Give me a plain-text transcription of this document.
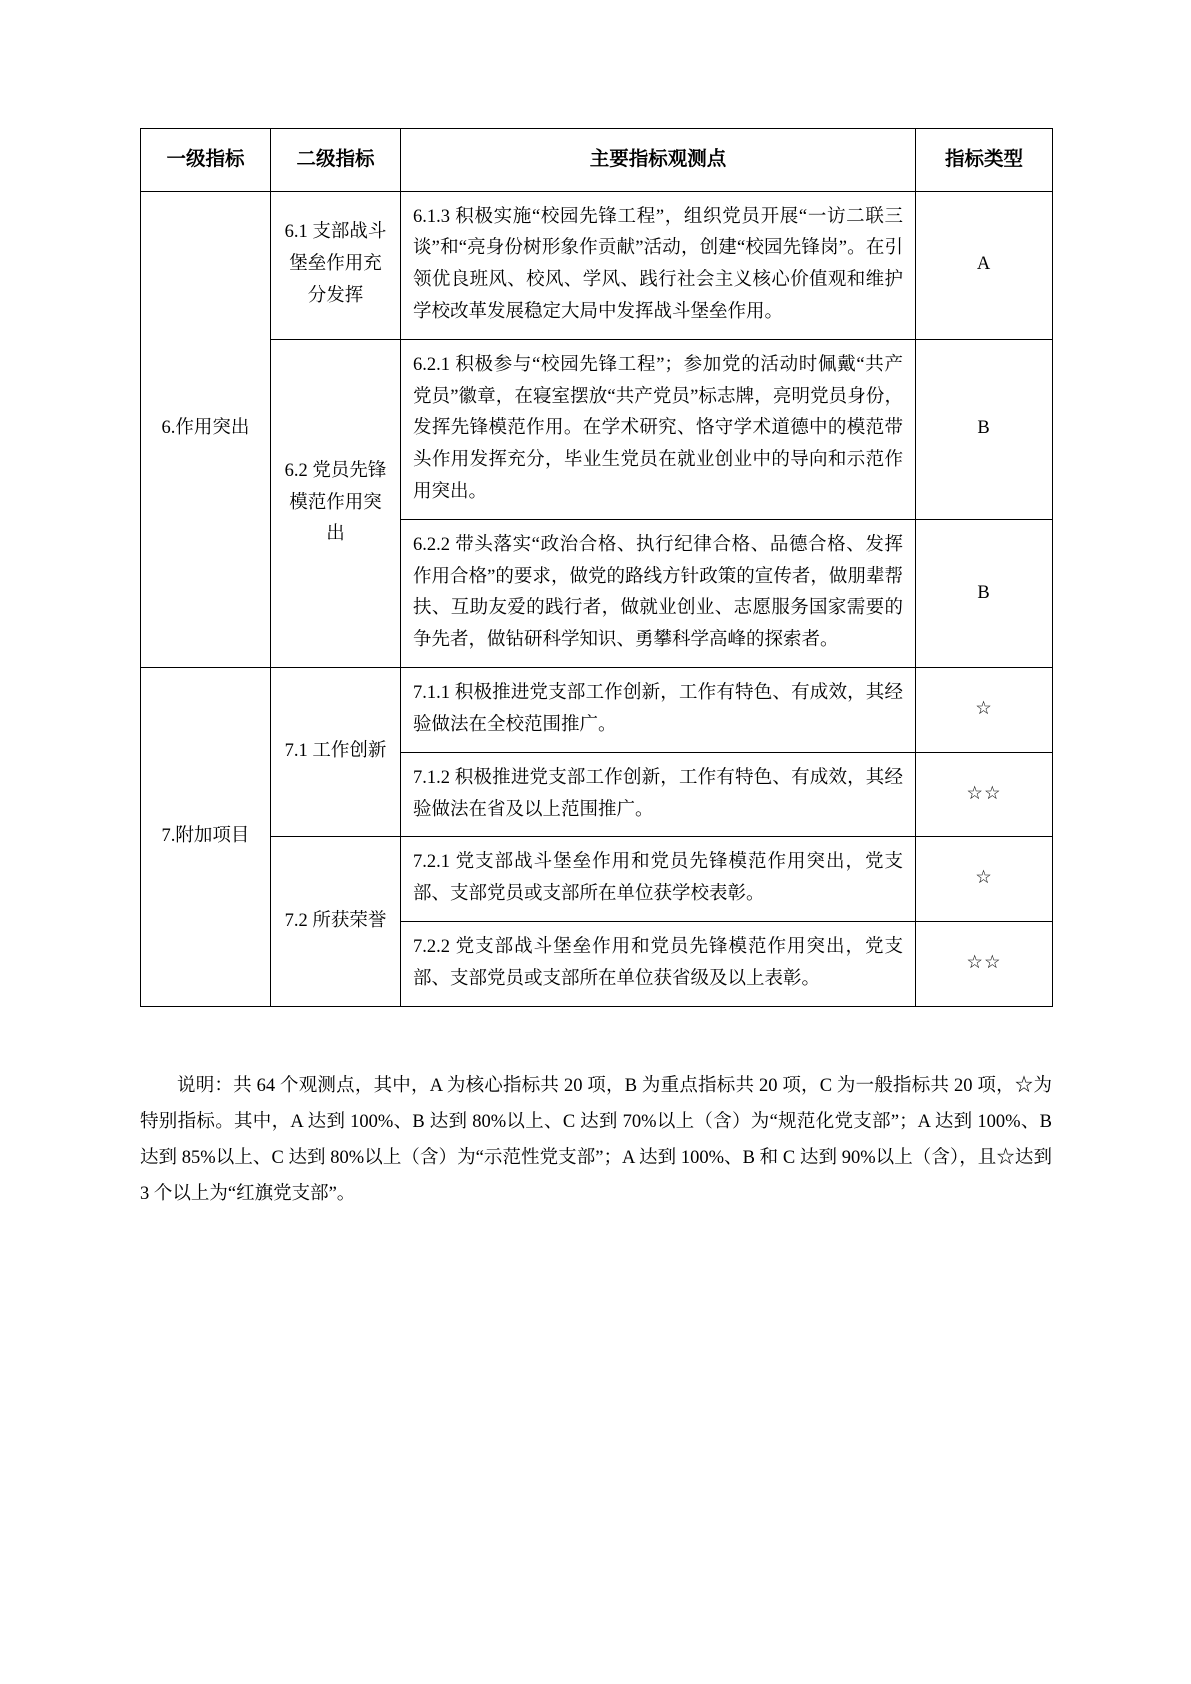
一级指标	二级指标	主要指标观测点	指标类型
6.作用突出	6.1 支部战斗堡垒作用充分发挥	6.1.3 积极实施“校园先锋工程”，组织党员开展“一访二联三谈”和“亮身份树形象作贡献”活动，创建“校园先锋岗”。在引领优良班风、校风、学风、践行社会主义核心价值观和维护学校改革发展稳定大局中发挥战斗堡垒作用。	A
	6.2 党员先锋模范作用突出	6.2.1 积极参与“校园先锋工程”；参加党的活动时佩戴“共产党员”徽章，在寝室摆放“共产党员”标志牌，亮明党员身份，发挥先锋模范作用。在学术研究、恪守学术道德中的模范带头作用发挥充分，毕业生党员在就业创业中的导向和示范作用突出。	B
		6.2.2 带头落实“政治合格、执行纪律合格、品德合格、发挥作用合格”的要求，做党的路线方针政策的宣传者，做朋辈帮扶、互助友爱的践行者，做就业创业、志愿服务国家需要的争先者，做钻研科学知识、勇攀科学高峰的探索者。	B
7.附加项目	7.1 工作创新	7.1.1 积极推进党支部工作创新，工作有特色、有成效，其经验做法在全校范围推广。	☆
		7.1.2 积极推进党支部工作创新，工作有特色、有成效，其经验做法在省及以上范围推广。	☆☆
	7.2 所获荣誉	7.2.1 党支部战斗堡垒作用和党员先锋模范作用突出，党支部、支部党员或支部所在单位获学校表彰。	☆
		7.2.2 党支部战斗堡垒作用和党员先锋模范作用突出，党支部、支部党员或支部所在单位获省级及以上表彰。	☆☆

说明：共 64 个观测点，其中，A 为核心指标共 20 项，B 为重点指标共 20 项，C 为一般指标共 20 项，☆为特别指标。其中，A 达到 100%、B 达到 80%以上、C 达到 70%以上（含）为“规范化党支部”；A 达到 100%、B 达到 85%以上、C 达到 80%以上（含）为“示范性党支部”；A 达到 100%、B 和 C 达到 90%以上（含），且☆达到 3 个以上为“红旗党支部”。
